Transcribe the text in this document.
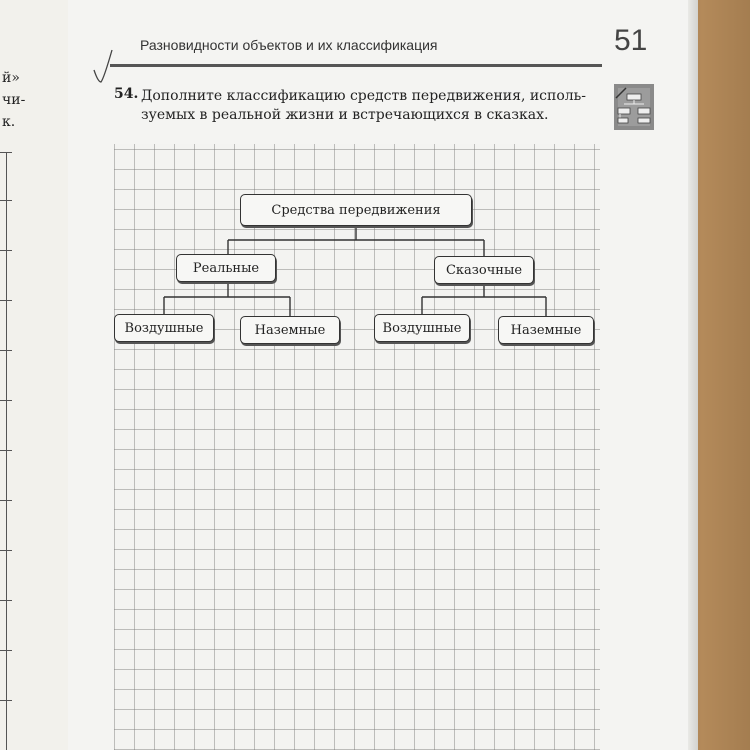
й»
чи-
к.
Разновидности объектов и их классификация	51
54. Дополните классификацию средств передвижения, исполь-
зуемых в реальной жизни и встречающихся в сказках.
Средства передвижения
Реальные	Сказочные
Воздушные	Наземные	Воздушные	Наземные
